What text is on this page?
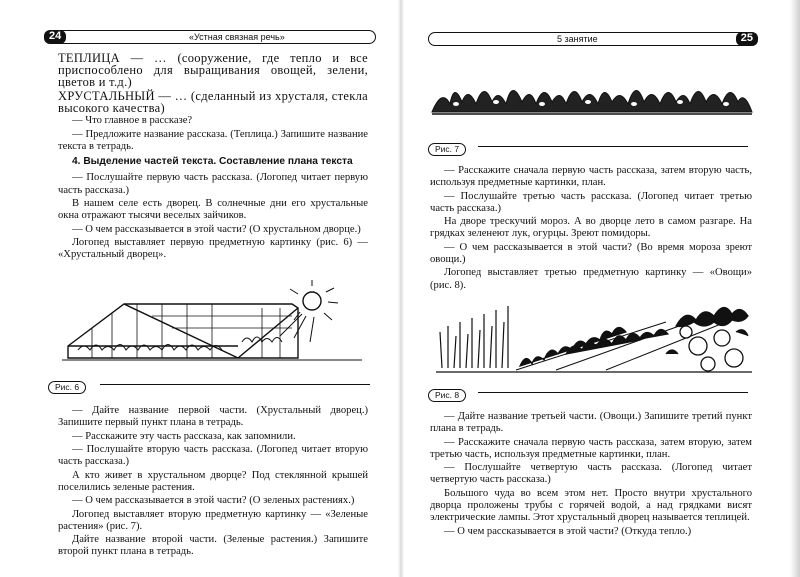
24	«Устная связная речь»
ТЕПЛИЦА — … (сооружение, где тепло и все приспособлено для выращивания овощей, зелени, цветов и т.д.)
ХРУСТАЛЬНЫЙ — … (сделанный из хрусталя, стекла высокого качества)
— Что главное в рассказе?
— Предложите название рассказа. (Теплица.) Запишите название текста в тетрадь.
4. Выделение частей текста. Составление плана текста
— Послушайте первую часть рассказа. (Логопед читает первую часть рассказа.)
В нашем селе есть дворец. В солнечные дни его хрустальные окна отражают тысячи веселых зайчиков.
— О чем рассказывается в этой части? (О хрустальном дворце.)
Логопед выставляет первую предметную картинку (рис. 6) — «Хрустальный дворец».
Рис. 6
— Дайте название первой части. (Хрустальный дворец.) Запишите первый пункт плана в тетрадь.
— Расскажите эту часть рассказа, как запомнили.
— Послушайте вторую часть рассказа. (Логопед читает вторую часть рассказа.)
А кто живет в хрустальном дворце? Под стеклянной крышей поселились зеленые растения.
— О чем рассказывается в этой части? (О зеленых растениях.)
Логопед выставляет вторую предметную картинку — «Зеленые растения» (рис. 7).
Дайте название второй части. (Зеленые растения.) Запишите второй пункт плана в тетрадь.
5 занятие	25
Рис. 7
— Расскажите сначала первую часть рассказа, затем вторую часть, используя предметные картинки, план.
— Послушайте третью часть рассказа. (Логопед читает третью часть рассказа.)
На дворе трескучий мороз. А во дворце лето в самом разгаре. На грядках зеленеют лук, огурцы. Зреют помидоры.
— О чем рассказывается в этой части? (Во время мороза зреют овощи.)
Логопед выставляет третью предметную картинку — «Овощи» (рис. 8).
Рис. 8
— Дайте название третьей части. (Овощи.) Запишите третий пункт плана в тетрадь.
— Расскажите сначала первую часть рассказа, затем вторую, затем третью часть, используя предметные картинки, план.
— Послушайте четвертую часть рассказа. (Логопед читает четвертую часть рассказа.)
Большого чуда во всем этом нет. Просто внутри хрустального дворца проложены трубы с горячей водой, а над грядками висят электрические лампы. Этот хрустальный дворец называется теплицей.
— О чем рассказывается в этой части? (Откуда тепло.)
